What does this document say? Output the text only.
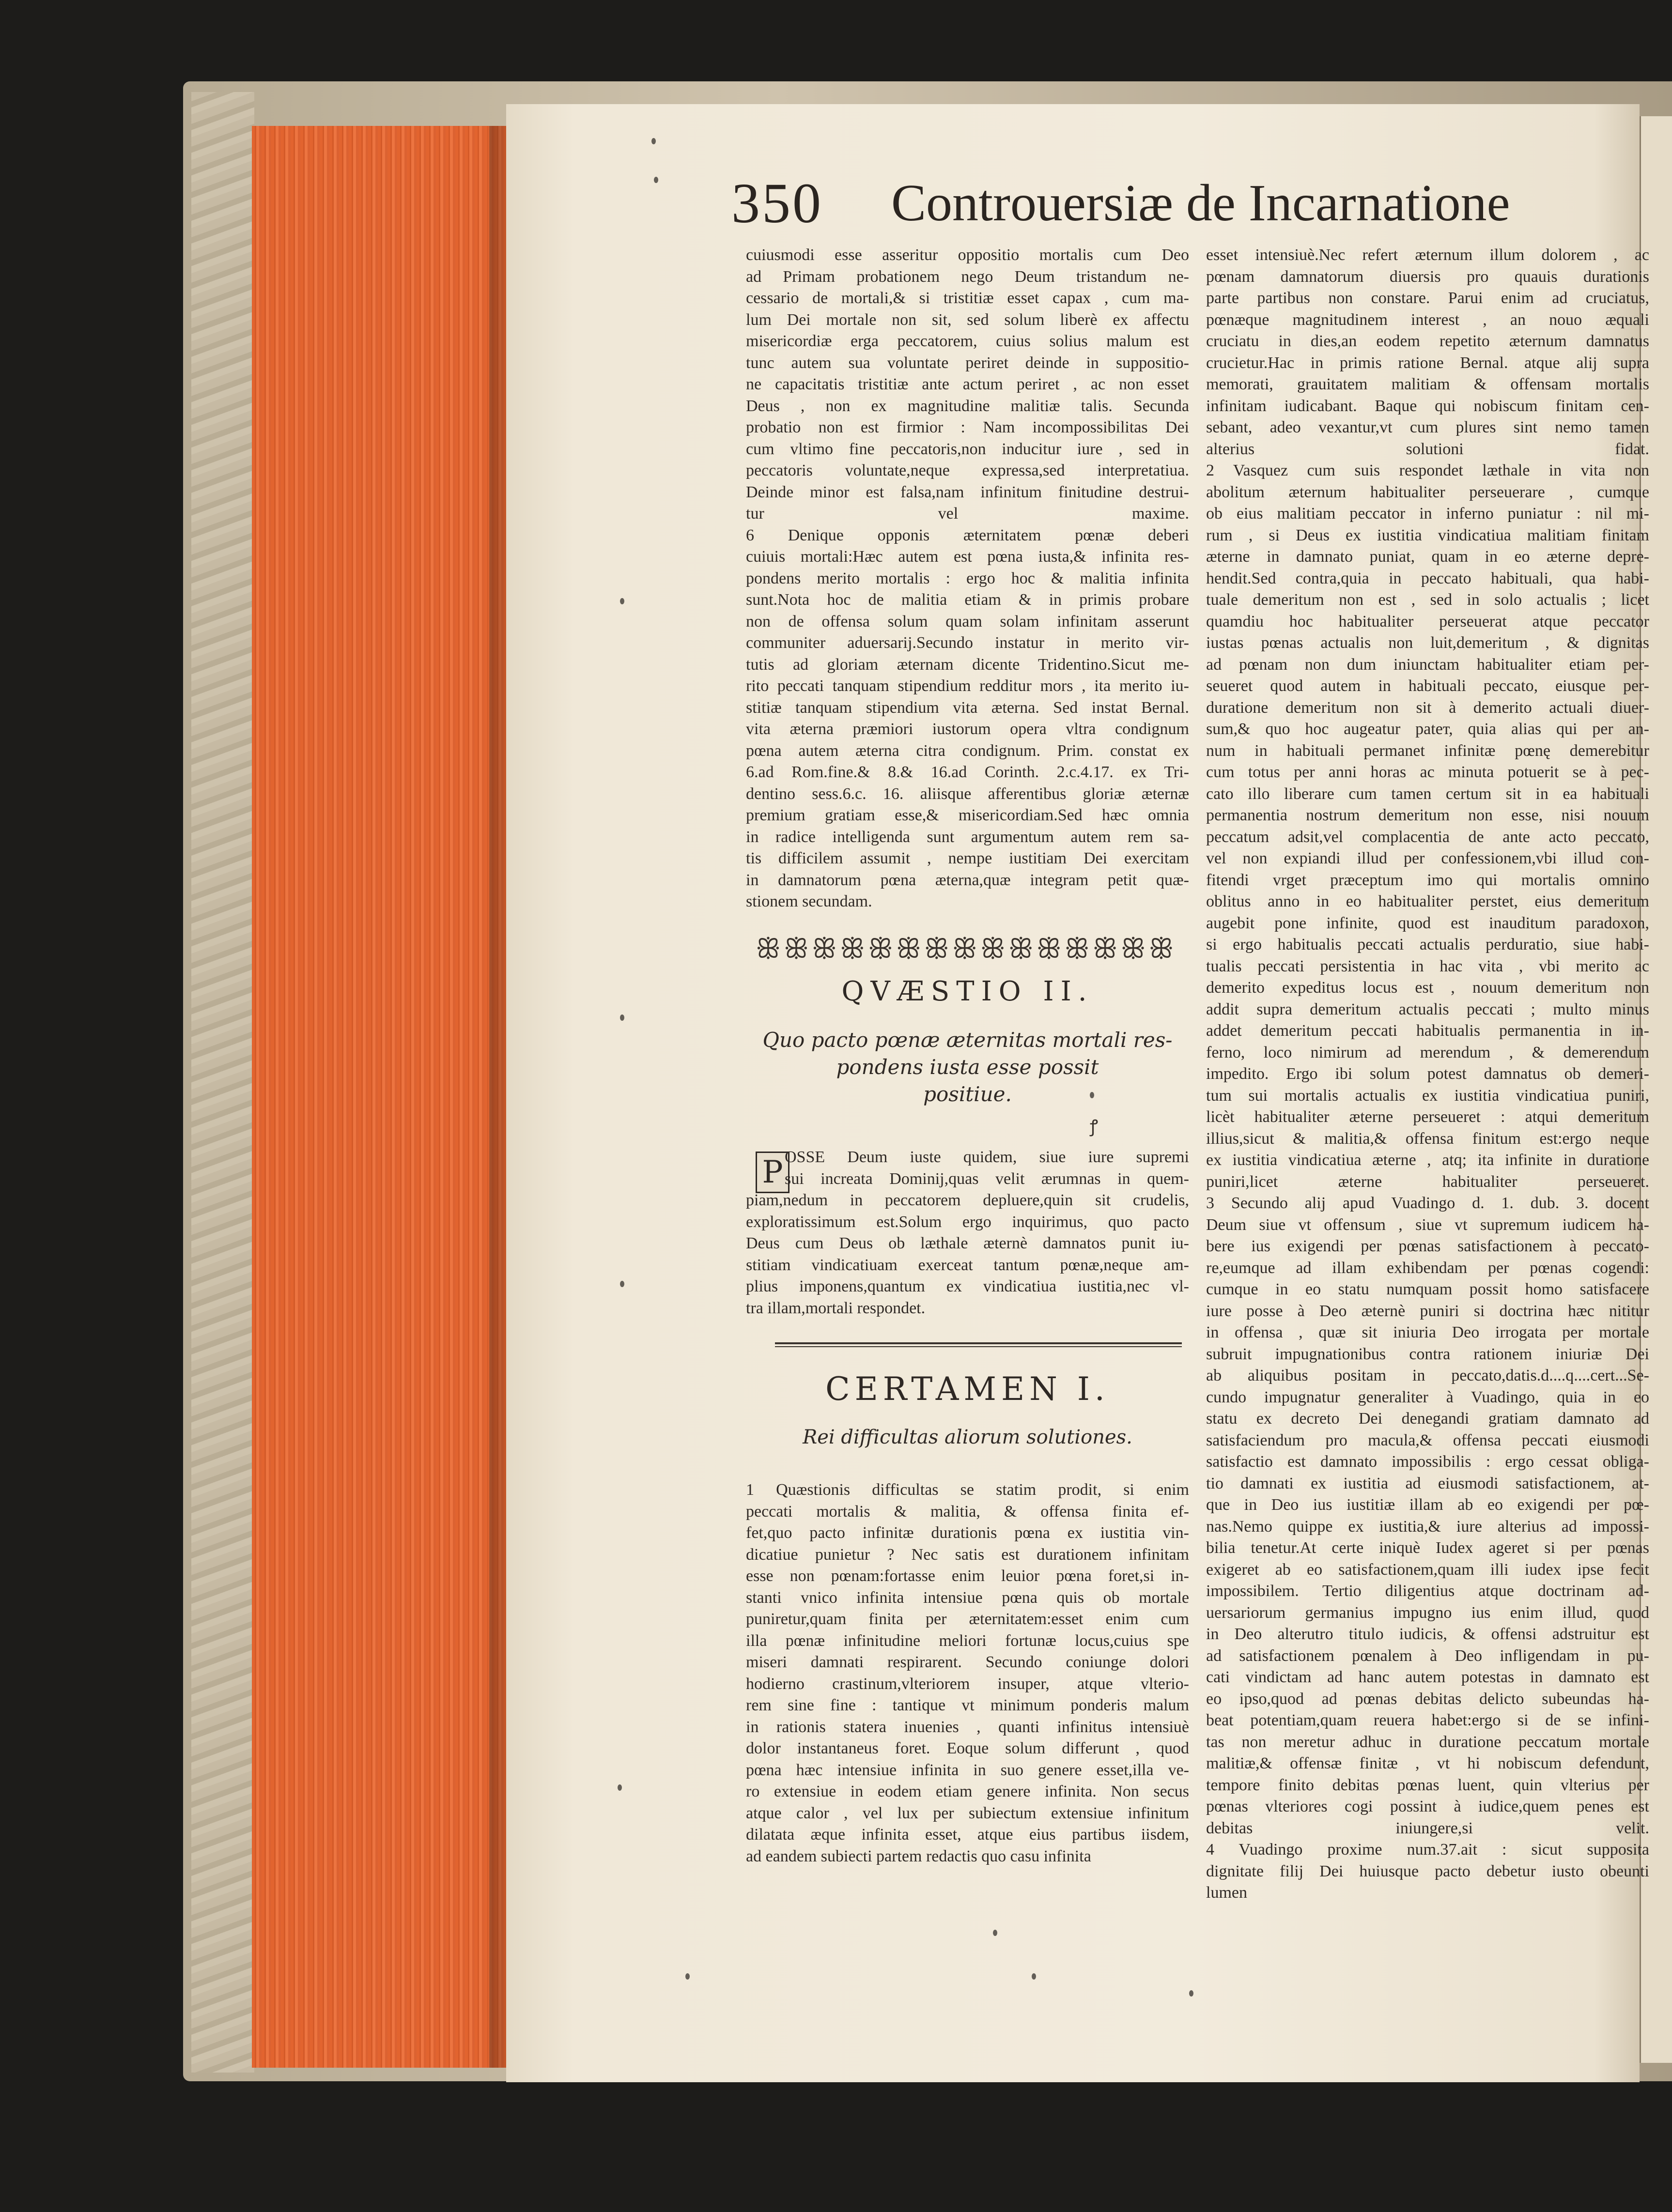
350 Controuersiæ de Incarnatione
cuiusmodi esse asseritur oppositio mortalis cum Deo
ad Primam probationem nego Deum tristandum ne-
cessario de mortali,& si tristitiæ esset capax , cum ma-
lum Dei mortale non sit, sed solum liberè ex affectu
misericordiæ erga peccatorem, cuius solius malum est
tunc autem sua voluntate periret deinde in suppositio-
ne capacitatis tristitiæ ante actum periret , ac non esset
Deus , non ex magnitudine malitiæ talis. Secunda
probatio non est firmior : Nam incompossibilitas Dei
cum vltimo fine peccatoris,non inducitur iure , sed in
peccatoris voluntate,neque expressa,sed interpretatiua.
Deinde minor est falsa,nam infinitum finitudine destrui-
tur vel maxime.
6 Denique opponis æternitatem pœnæ deberi
cuiuis mortali:Hæc autem est pœna iusta,& infinita res-
pondens merito mortalis : ergo hoc & malitia infinita
sunt.Nota hoc de malitia etiam & in primis probare
non de offensa solum quam solam infinitam asserunt
communiter aduersarij.Secundo instatur in merito vir-
tutis ad gloriam æternam dicente Tridentino.Sicut me-
rito peccati tanquam stipendium redditur mors , ita merito iu-
stitiæ tanquam stipendium vita æterna. Sed instat Bernal.
vita æterna præmiori iustorum opera vltra condignum
pœna autem æterna citra condignum. Prim. constat ex
6.ad Rom.fine.& 8.& 16.ad Corinth. 2.c.4.17. ex Tri-
dentino sess.6.c. 16. aliisque afferentibus gloriæ æternæ
premium gratiam esse,& misericordiam.Sed hæc omnia
in radice intelligenda sunt argumentum autem rem sa-
tis difficilem assumit , nempe iustitiam Dei exercitam
in damnatorum pœna æterna,quæ integram petit quæ-
stionem secundam.
ꕥꕥꕥꕥꕥꕥꕥꕥꕥꕥꕥꕥꕥꕥꕥ
QVÆSTIO II.
Quo pacto pœnæ æternitas mortali res-
pondens iusta esse possit
positiue.
P OSSE Deum iuste quidem, siue iure supremi
sui increata Dominij,quas velit ærumnas in quem-
piam,nedum in peccatorem depluere,quin sit crudelis,
exploratissimum est.Solum ergo inquirimus, quo pacto
Deus cum Deus ob læthale æternè damnatos punit iu-
stitiam vindicatiuam exerceat tantum pœnæ,neque am-
plius imponens,quantum ex vindicatiua iustitia,nec vl-
tra illam,mortali respondet.
CERTAMEN I.
Rei difficultas aliorum solutiones.
1 Quæstionis difficultas se statim prodit, si enim
peccati mortalis & malitia, & offensa finita ef-
fet,quo pacto infinitæ durationis pœna ex iustitia vin-
dicatiue punietur ? Nec satis est durationem infinitam
esse non pœnam:fortasse enim leuior pœna foret,si in-
stanti vnico infinita intensiue pœna quis ob mortale
puniretur,quam finita per æternitatem:esset enim cum
illa pœnæ infinitudine meliori fortunæ locus,cuius spe
miseri damnati respirarent. Secundo coniunge dolori
hodierno crastinum,vlteriorem insuper, atque vlterio-
rem sine fine : tantique vt minimum ponderis malum
in rationis statera inuenies , quanti infinitus intensiuè
dolor instantaneus foret. Eoque solum differunt , quod
pœna hæc intensiue infinita in suo genere esset,illa ve-
ro extensiue in eodem etiam genere infinita. Non secus
atque calor , vel lux per subiectum extensiue infinitum
dilatata æque infinita esset, atque eius partibus iisdem,
ad eandem subiecti partem redactis quo casu infinita
esset intensiuè.Nec refert æternum illum dolorem , ac
pœnam damnatorum diuersis pro quauis durationis
parte partibus non constare. Parui enim ad cruciatus,
pœnæque magnitudinem interest , an nouo æquali
cruciatu in dies,an eodem repetito æternum damnatus
crucietur.Hac in primis ratione Bernal. atque alij supra
memorati, grauitatem malitiam & offensam mortalis
infinitam iudicabant. Baque qui nobiscum finitam cen-
sebant, adeo vexantur,vt cum plures sint nemo tamen
alterius solutioni fidat.
2 Vasquez cum suis respondet læthale in vita non
abolitum æternum habitualiter perseuerare , cumque
ob eius malitiam peccator in inferno puniatur : nil mi-
rum , si Deus ex iustitia vindicatiua malitiam finitam
æterne in damnato puniat, quam in eo æterne depre-
hendit.Sed contra,quia in peccato habituali, qua habi-
tuale demeritum non est , sed in solo actualis ; licet
quamdiu hoc habitualiter perseuerat atque peccator
iustas pœnas actualis non luit,demeritum , & dignitas
ad pœnam non dum iniunctam habitualiter etiam per-
seueret quod autem in habituali peccato, eiusque per-
duratione demeritum non sit à demerito actuali diuer-
sum,& quo hoc augeatur pateт, quia alias qui per an-
num in habituali permanet infinitæ pœnę demerebitur
cum totus per anni horas ac minuta potuerit se à pec-
cato illo liberare cum tamen certum sit in ea habituali
permanentia nostrum demeritum non esse, nisi nouum
peccatum adsit,vel complacentia de ante acto peccato,
vel non expiandi illud per confessionem,vbi illud con-
fitendi vrget præceptum imo qui mortalis omnino
oblitus anno in eo habitualiter perstet, eius demeritum
augebit pone infinite, quod est inauditum paradoxon,
si ergo habitualis peccati actualis perduratio, siue habi-
tualis peccati persistentia in hac vita , vbi merito ac
demerito expeditus locus est , nouum demeritum non
addit supra demeritum actualis peccati ; multo minus
addet demeritum peccati habitualis permanentia in in-
ferno, loco nimirum ad merendum , & demerendum
impedito. Ergo ibi solum potest damnatus ob demeri-
tum sui mortalis actualis ex iustitia vindicatiua puniri,
licèt habitualiter æterne perseueret : atqui demeritum
illius,sicut & malitia,& offensa finitum est:ergo neque
ex iustitia vindicatiua æterne , atq; ita infinite in duratione
puniri,licet æterne habitualiter perseueret.
3 Secundo alij apud Vuadingo d. 1. dub. 3. docent
Deum siue vt offensum , siue vt supremum iudicem ha-
bere ius exigendi per pœnas satisfactionem à peccato-
re,eumque ad illam exhibendam per pœnas cogendi:
cumque in eo statu numquam possit homo satisfacere
iure posse à Deo æternè puniri si doctrina hæc nititur
in offensa , quæ sit iniuria Deo irrogata per mortale
subruit impugnationibus contra rationem iniuriæ Dei
ab aliquibus positam in peccato,datis.d....q....cert...Se-
cundo impugnatur generaliter à Vuadingo, quia in eo
statu ex decreto Dei denegandi gratiam damnato ad
satisfaciendum pro macula,& offensa peccati eiusmodi
satisfactio est damnato impossibilis : ergo cessat obliga-
tio damnati ex iustitia ad eiusmodi satisfactionem, at-
que in Deo ius iustitiæ illam ab eo exigendi per pœ-
nas.Nemo quippe ex iustitia,& iure alterius ad impossi-
bilia tenetur.At certe iniquè Iudex ageret si per pœnas
exigeret ab eo satisfactionem,quam illi iudex ipse fecit
impossibilem. Tertio diligentius atque doctrinam ad-
uersariorum germanius impugno ius enim illud, quod
in Deo alterutro titulo iudicis, & offensi adstruitur est
ad satisfactionem pœnalem à Deo infligendam in pu-
cati vindictam ad hanc autem potestas in damnato est
eo ipso,quod ad pœnas debitas delicto subeundas ha-
beat potentiam,quam reuera habet:ergo si de se infini-
tas non meretur adhuc in duratione peccatum mortale
malitiæ,& offensæ finitæ , vt hi nobiscum defendunt,
tempore finito debitas pœnas luent, quin vlterius per
pœnas vlteriores cogi possint à iudice,quem penes est
debitas iniungere,si velit.
4 Vuadingo proxime num.37.ait : sicut supposita
dignitate filij Dei huiusque pacto debetur iusto obeunti
lumen
ꝭ
